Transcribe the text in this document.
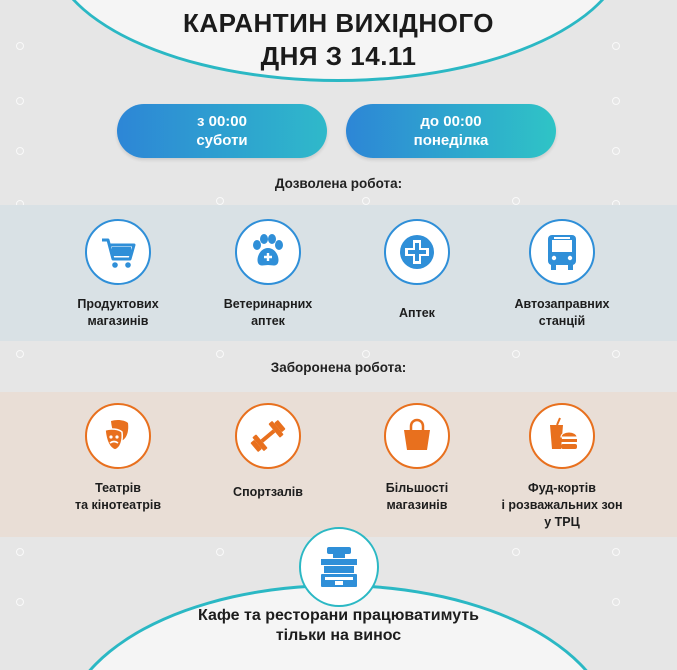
КАРАНТИН ВИХІДНОГО
ДНЯ З 14.11
з 00:00
суботи
до 00:00
понеділка
Дозволена робота:
Продуктових
магазинів
Ветеринарних
аптек
Аптек
Автозаправних
станцій
Заборонена робота:
Театрів
та кінотеатрів
Спортзалів	Більшості
магазинів
Фуд-кортів
і розважальних зон
у ТРЦ
Кафе та ресторани працюватимуть
тільки на винос
